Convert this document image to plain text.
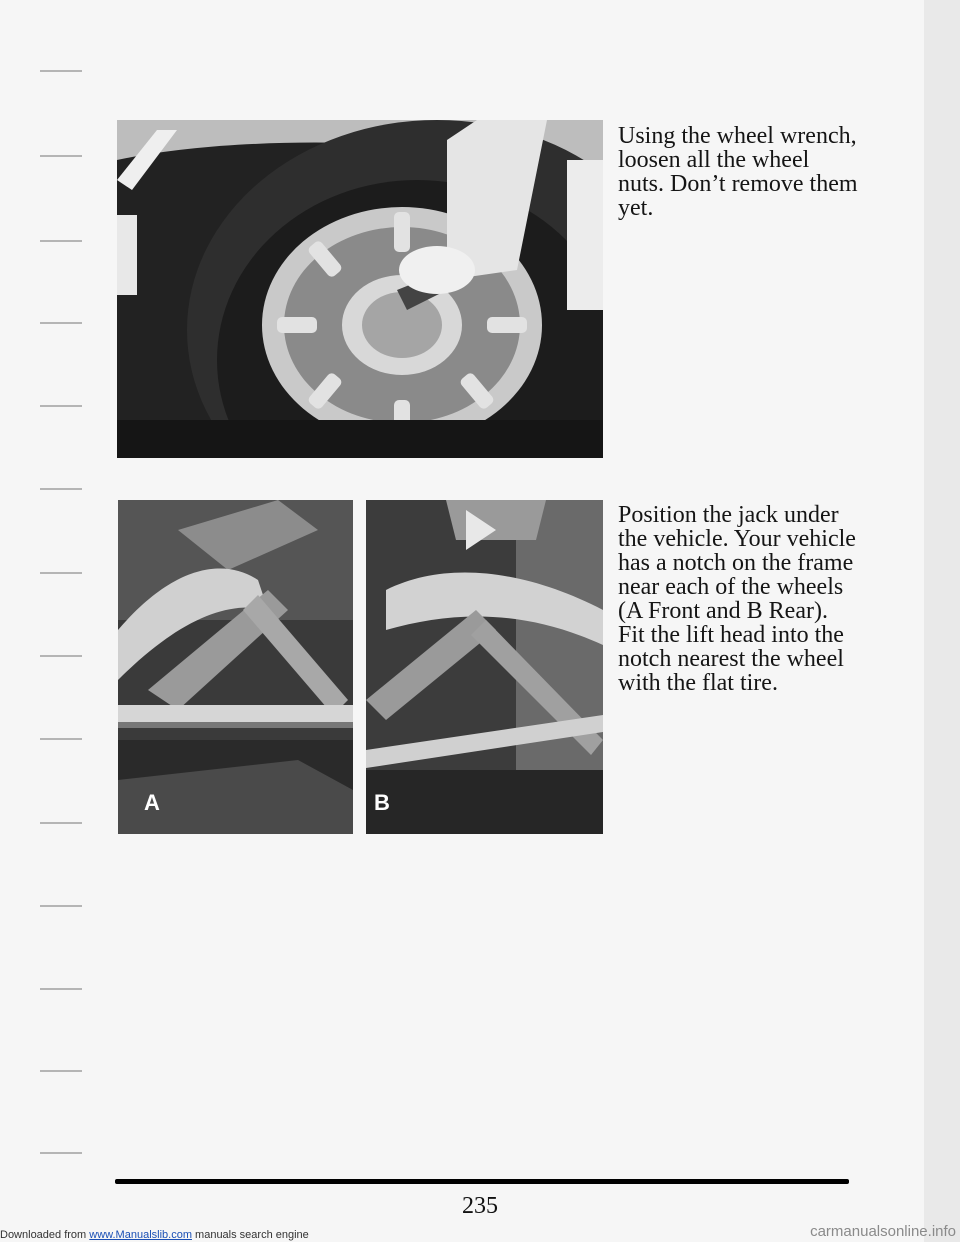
Using the wheel wrench, loosen all the wheel nuts. Don’t remove them yet.

A	B

Position the jack under the vehicle. Your vehicle has a notch on the frame near each of the wheels (A Front and B Rear). Fit the lift head into the notch nearest the wheel with the flat tire.

235
Downloaded from www.Manualslib.com manuals search engine	carmanualsonline.info
